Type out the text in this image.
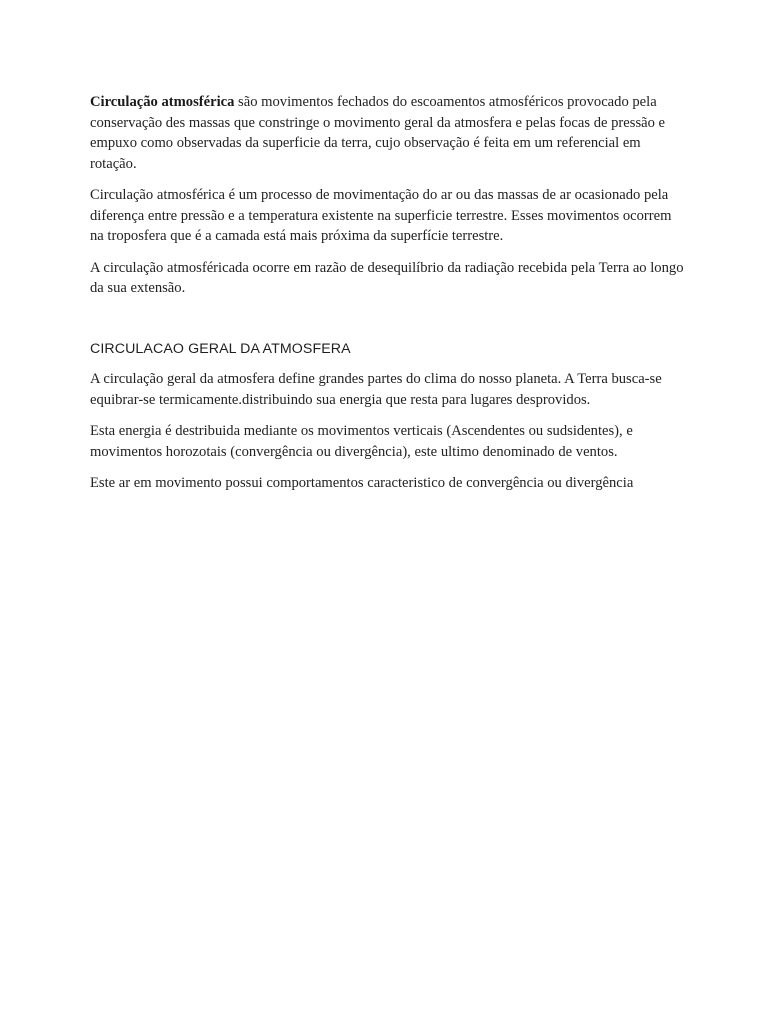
Circulação atmosférica são movimentos fechados do escoamentos atmosféricos provocado pela conservação des massas que constringe o movimento geral da atmosfera e pelas focas de pressão e empuxo como observadas da superficie da terra, cujo observação é feita em um referencial em rotação.

Circulação atmosférica é um processo de movimentação do ar ou das massas de ar ocasionado pela diferença entre pressão e a temperatura existente na superficie terrestre. Esses movimentos ocorrem na troposfera que é a camada está mais próxima da superfície terrestre.

A circulação atmosféricada ocorre em razão de desequilíbrio da radiação recebida pela Terra ao longo da sua extensão.

CIRCULACAO GERAL DA ATMOSFERA

A circulação geral da atmosfera define grandes partes do clima do nosso planeta. A Terra busca-se equibrar-se termicamente.distribuindo sua energia que resta para lugares desprovidos.

Esta energia é destribuida mediante os movimentos verticais (Ascendentes ou sudsidentes), e movimentos horozotais (convergência ou divergência), este ultimo denominado de ventos.

Este ar em movimento possui comportamentos caracteristico de convergência ou divergência
